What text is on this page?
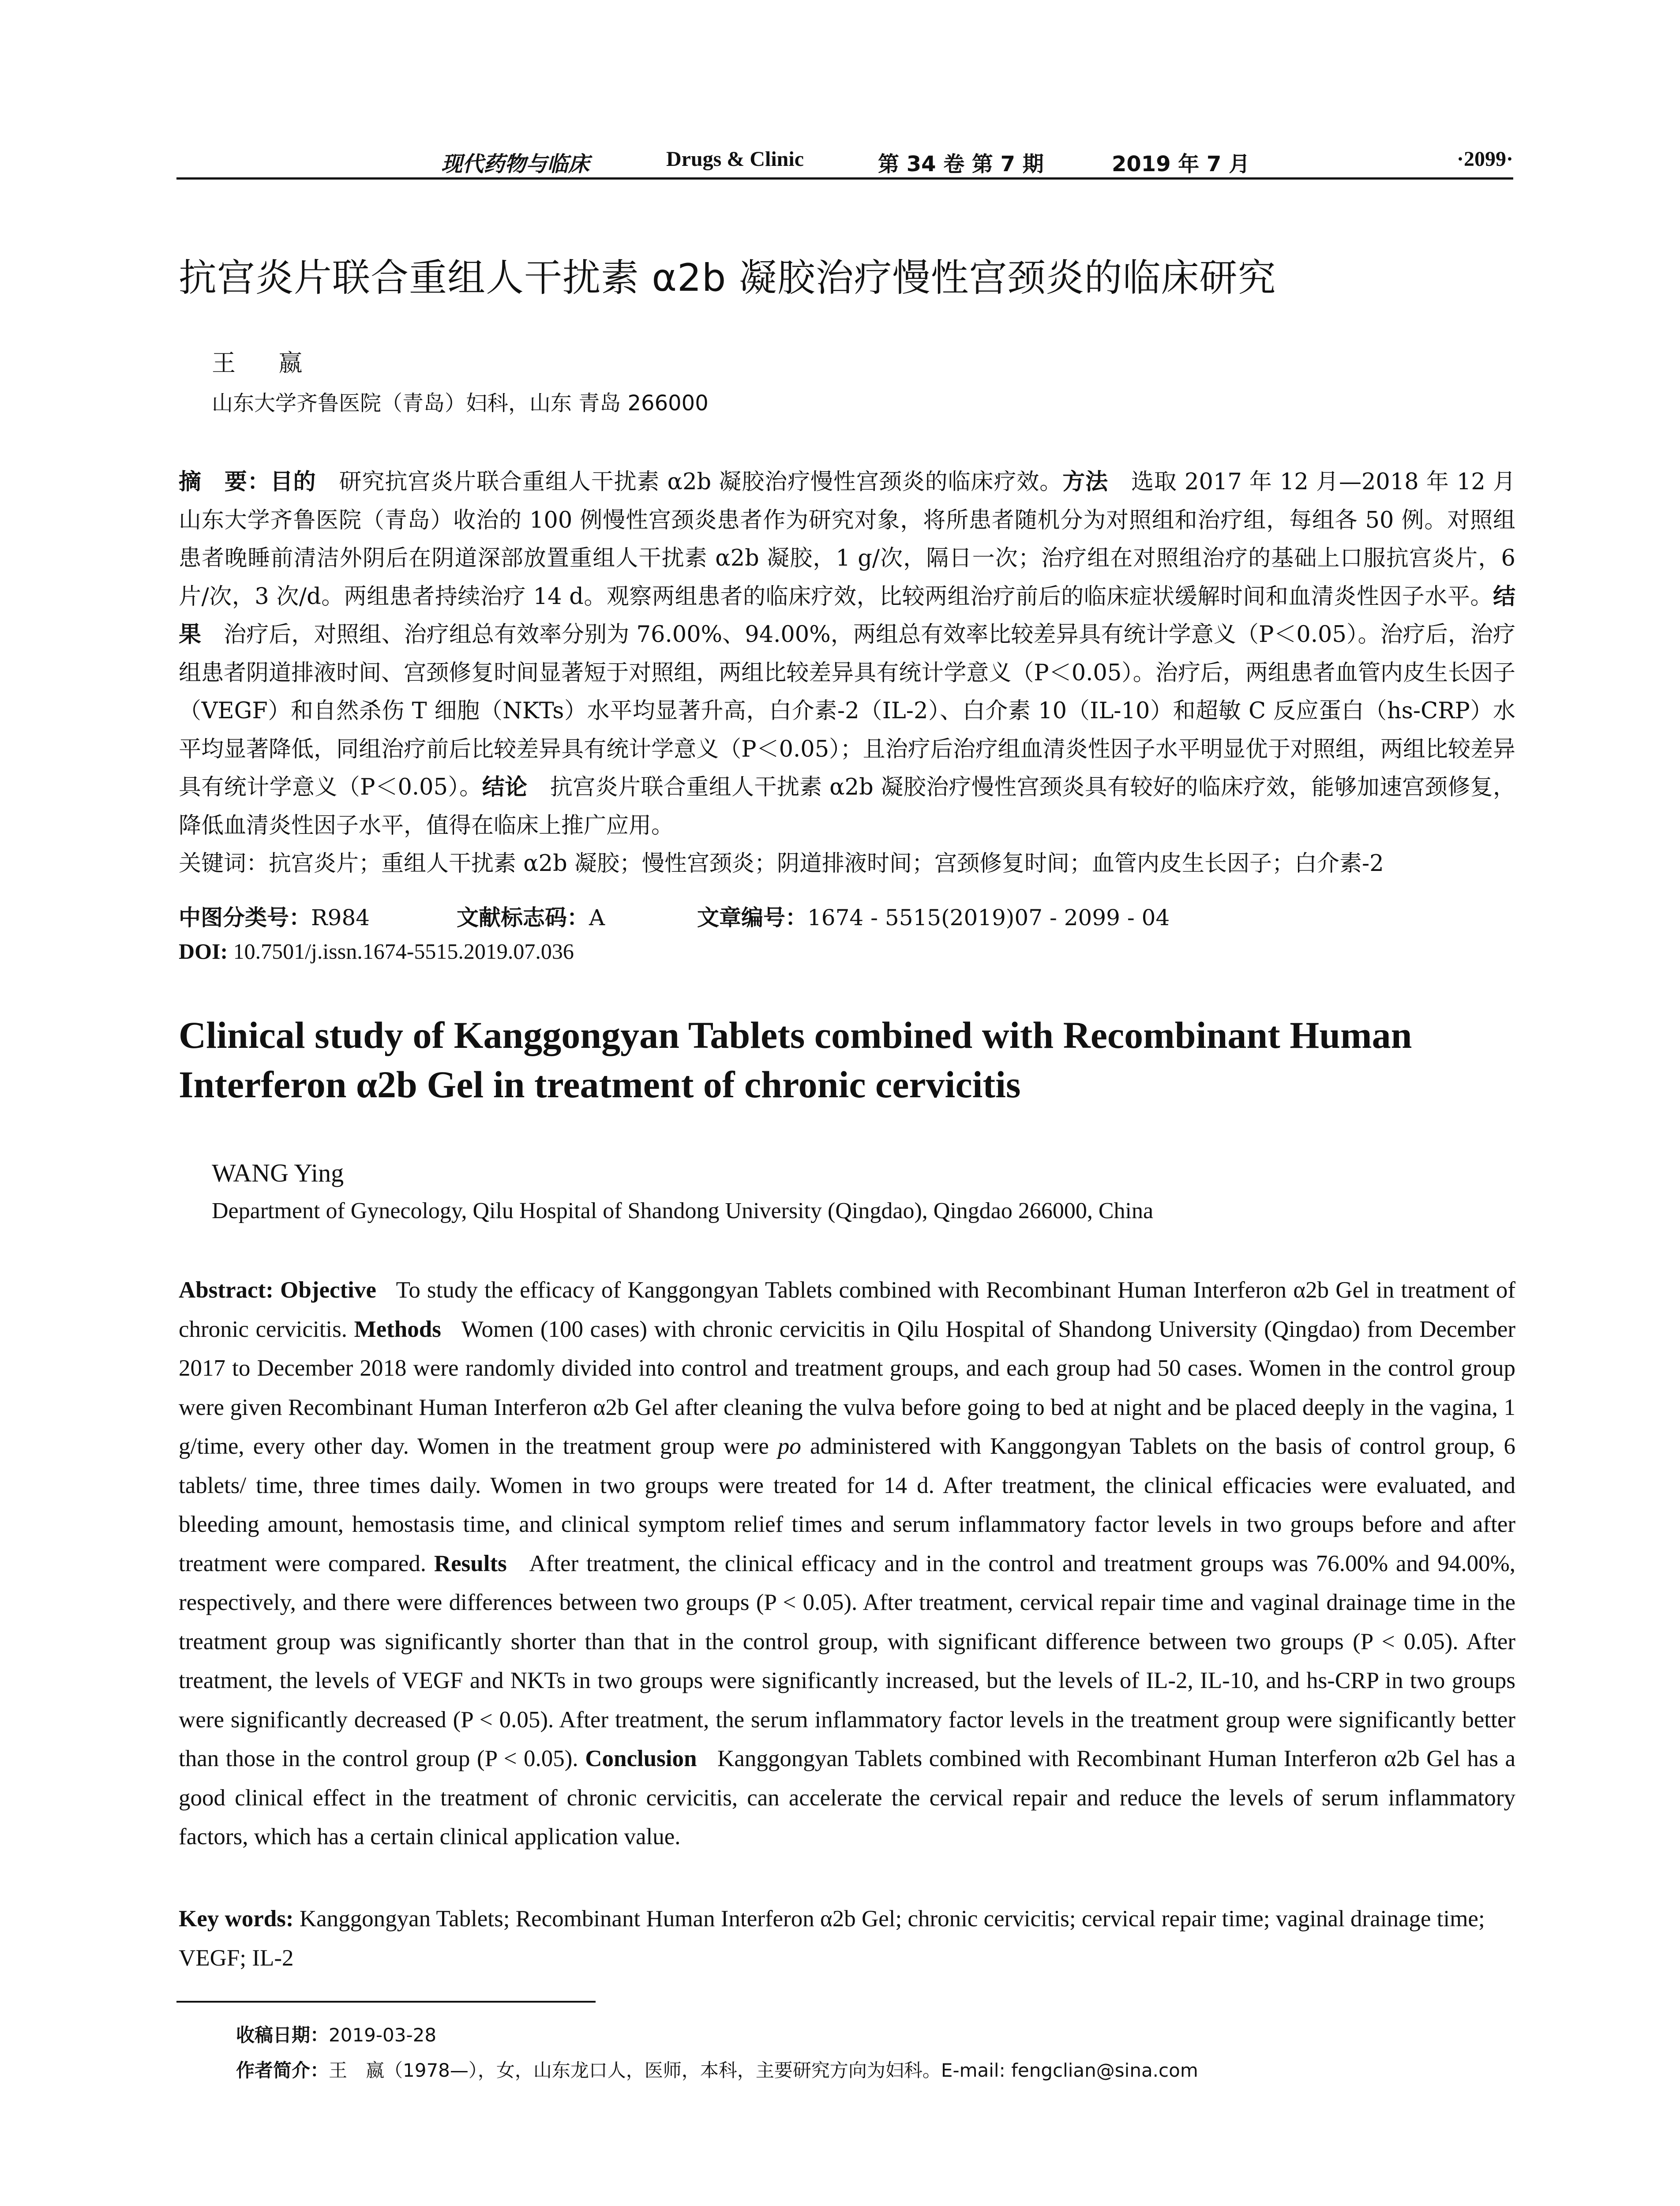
现代药物与临床	Drugs & Clinic	第 34 卷 第 7 期	2019 年 7 月	·2099·
抗宫炎片联合重组人干扰素 α2b 凝胶治疗慢性宫颈炎的临床研究
王 嬴
山东大学齐鲁医院（青岛）妇科，山东 青岛 266000
摘　要：目的　 研究抗宫炎片联合重组人干扰素 α2b 凝胶治疗慢性宫颈炎的临床疗效。方法　 选取 2017 年 12 月—2018 年 12 月山东大学齐鲁医院（青岛）收治的 100 例慢性宫颈炎患者作为研究对象，将所患者随机分为对照组和治疗组，每组各 50 例。对照组患者晚睡前清洁外阴后在阴道深部放置重组人干扰素 α2b 凝胶，1 g/次，隔日一次；治疗组在对照组治疗的基础上口服抗宫炎片，6 片/次，3 次/d。两组患者持续治疗 14 d。观察两组患者的临床疗效，比较两组治疗前后的临床症状缓解时间和血清炎性因子水平。结果　 治疗后，对照组、治疗组总有效率分别为 76.00%、94.00%，两组总有效率比较差异具有统计学意义（P＜0.05）。治疗后，治疗组患者阴道排液时间、宫颈修复时间显著短于对照组，两组比较差异具有统计学意义（P＜0.05）。治疗后，两组患者血管内皮生长因子（VEGF）和自然杀伤 T 细胞（NKTs）水平均显著升高，白介素-2（IL-2）、白介素 10（IL-10）和超敏 C 反应蛋白（hs-CRP）水平均显著降低，同组治疗前后比较差异具有统计学意义（P＜0.05）；且治疗后治疗组血清炎性因子水平明显优于对照组，两组比较差异具有统计学意义（P＜0.05）。结论　 抗宫炎片联合重组人干扰素 α2b 凝胶治疗慢性宫颈炎具有较好的临床疗效，能够加速宫颈修复，降低血清炎性因子水平，值得在临床上推广应用。
关键词：抗宫炎片；重组人干扰素 α2b 凝胶；慢性宫颈炎；阴道排液时间；宫颈修复时间；血管内皮生长因子；白介素-2
中图分类号：R984	文献标志码：A	文章编号：1674 - 5515(2019)07 - 2099 - 04
DOI: 10.7501/j.issn.1674-5515.2019.07.036
Clinical study of Kanggongyan Tablets combined with Recombinant Human Interferon α2b Gel in treatment of chronic cervicitis
WANG Ying
Department of Gynecology, Qilu Hospital of Shandong University (Qingdao), Qingdao 266000, China
Abstract: Objective To study the efficacy of Kanggongyan Tablets combined with Recombinant Human Interferon α2b Gel in treatment of chronic cervicitis. Methods Women (100 cases) with chronic cervicitis in Qilu Hospital of Shandong University (Qingdao) from December 2017 to December 2018 were randomly divided into control and treatment groups, and each group had 50 cases. Women in the control group were given Recombinant Human Interferon α2b Gel after cleaning the vulva before going to bed at night and be placed deeply in the vagina, 1 g/time, every other day. Women in the treatment group were po administered with Kanggongyan Tablets on the basis of control group, 6 tablets/ time, three times daily. Women in two groups were treated for 14 d. After treatment, the clinical efficacies were evaluated, and bleeding amount, hemostasis time, and clinical symptom relief times and serum inflammatory factor levels in two groups before and after treatment were compared. Results After treatment, the clinical efficacy and in the control and treatment groups was 76.00% and 94.00%, respectively, and there were differences between two groups (P < 0.05). After treatment, cervical repair time and vaginal drainage time in the treatment group was significantly shorter than that in the control group, with significant difference between two groups (P < 0.05). After treatment, the levels of VEGF and NKTs in two groups were significantly increased, but the levels of IL-2, IL-10, and hs-CRP in two groups were significantly decreased (P < 0.05). After treatment, the serum inflammatory factor levels in the treatment group were significantly better than those in the control group (P < 0.05). Conclusion Kanggongyan Tablets combined with Recombinant Human Interferon α2b Gel has a good clinical effect in the treatment of chronic cervicitis, can accelerate the cervical repair and reduce the levels of serum inflammatory factors, which has a certain clinical application value.
Key words: Kanggongyan Tablets; Recombinant Human Interferon α2b Gel; chronic cervicitis; cervical repair time; vaginal drainage time; VEGF; IL-2
收稿日期：2019-03-28
作者简介：王　嬴（1978—），女，山东龙口人，医师，本科，主要研究方向为妇科。E-mail: fengclian@sina.com
